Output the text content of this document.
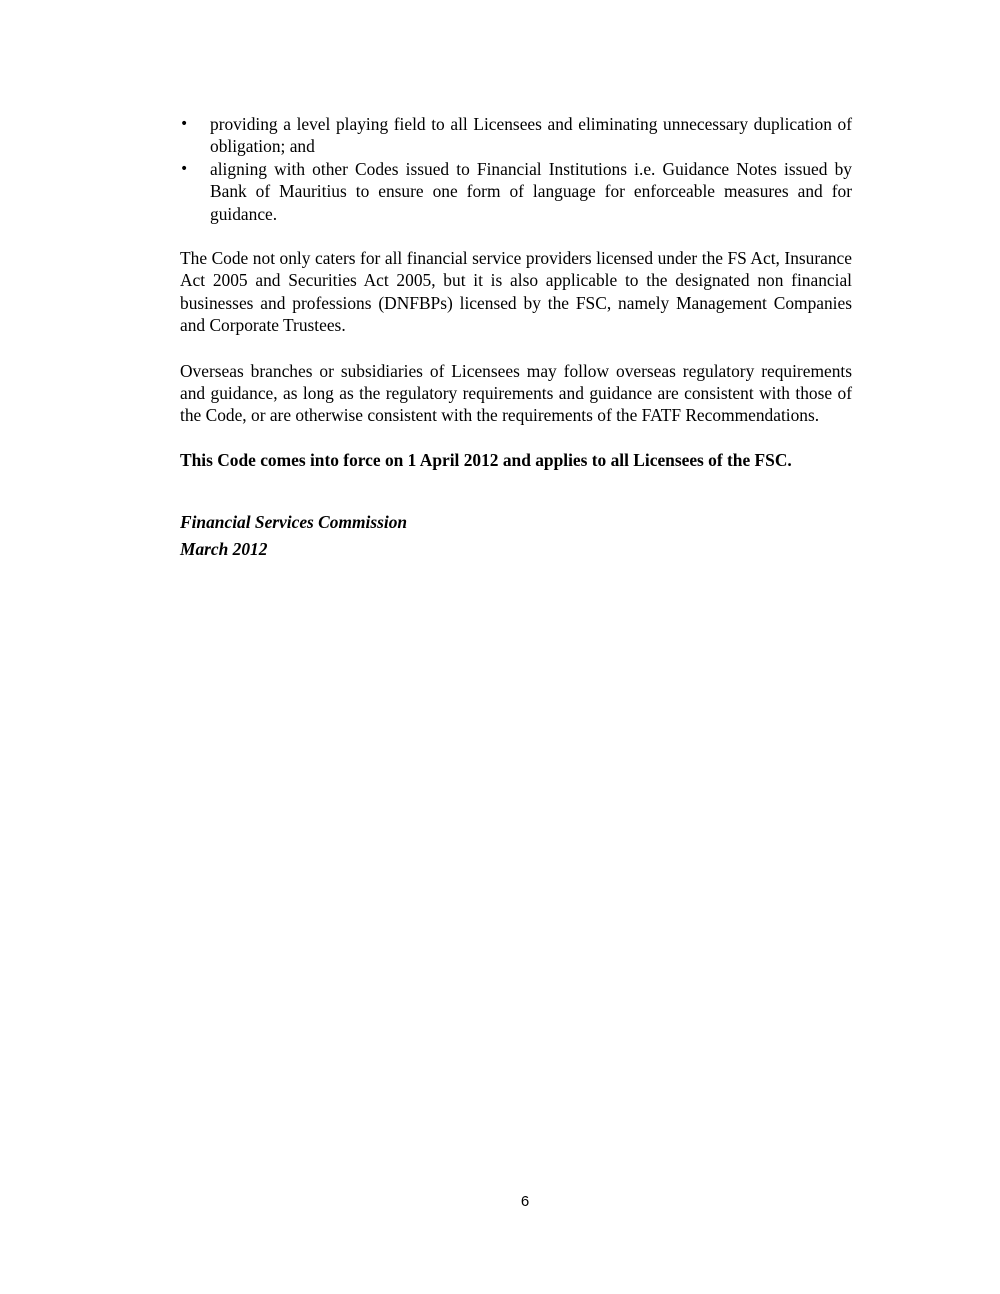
•	providing a level playing field to all Licensees and eliminating unnecessary duplication of obligation; and
•	aligning with other Codes issued to Financial Institutions i.e. Guidance Notes issued by Bank of Mauritius to ensure one form of language for enforceable measures and for guidance.

The Code not only caters for all financial service providers licensed under the FS Act, Insurance Act 2005 and Securities Act 2005, but it is also applicable to the designated non financial businesses and professions (DNFBPs) licensed by the FSC, namely Management Companies and Corporate Trustees.

Overseas branches or subsidiaries of Licensees may follow overseas regulatory requirements and guidance, as long as the regulatory requirements and guidance are consistent with those of the Code, or are otherwise consistent with the requirements of the FATF Recommendations.

This Code comes into force on 1 April 2012 and applies to all Licensees of the FSC.

Financial Services Commission
March 2012
6
